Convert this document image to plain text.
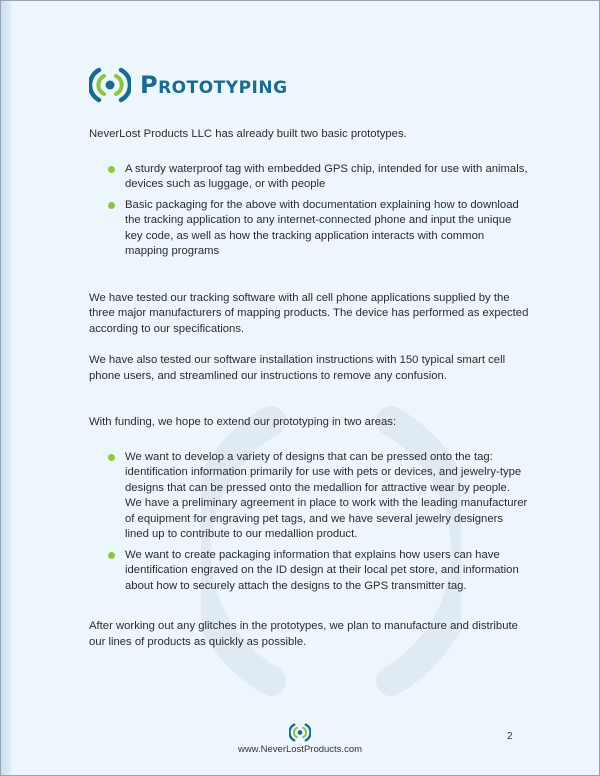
Prototyping

NeverLost Products LLC has already built two basic prototypes.

A sturdy waterproof tag with embedded GPS chip, intended for use with animals, devices such as luggage, or with people
Basic packaging for the above with documentation explaining how to download the tracking application to any internet-connected phone and input the unique key code, as well as how the tracking application interacts with common mapping programs

We have tested our tracking software with all cell phone applications supplied by the three major manufacturers of mapping products. The device has performed as expected according to our specifications.

We have also tested our software installation instructions with 150 typical smart cell phone users, and streamlined our instructions to remove any confusion.

With funding, we hope to extend our prototyping in two areas:

We want to develop a variety of designs that can be pressed onto the tag: identification information primarily for use with pets or devices, and jewelry-type designs that can be pressed onto the medallion for attractive wear by people. We have a preliminary agreement in place to work with the leading manufacturer of equipment for engraving pet tags, and we have several jewelry designers lined up to contribute to our medallion product.
We want to create packaging information that explains how users can have identification engraved on the ID design at their local pet store, and information about how to securely attach the designs to the GPS transmitter tag.

After working out any glitches in the prototypes, we plan to manufacture and distribute our lines of products as quickly as possible.

2
www.NeverLostProducts.com
